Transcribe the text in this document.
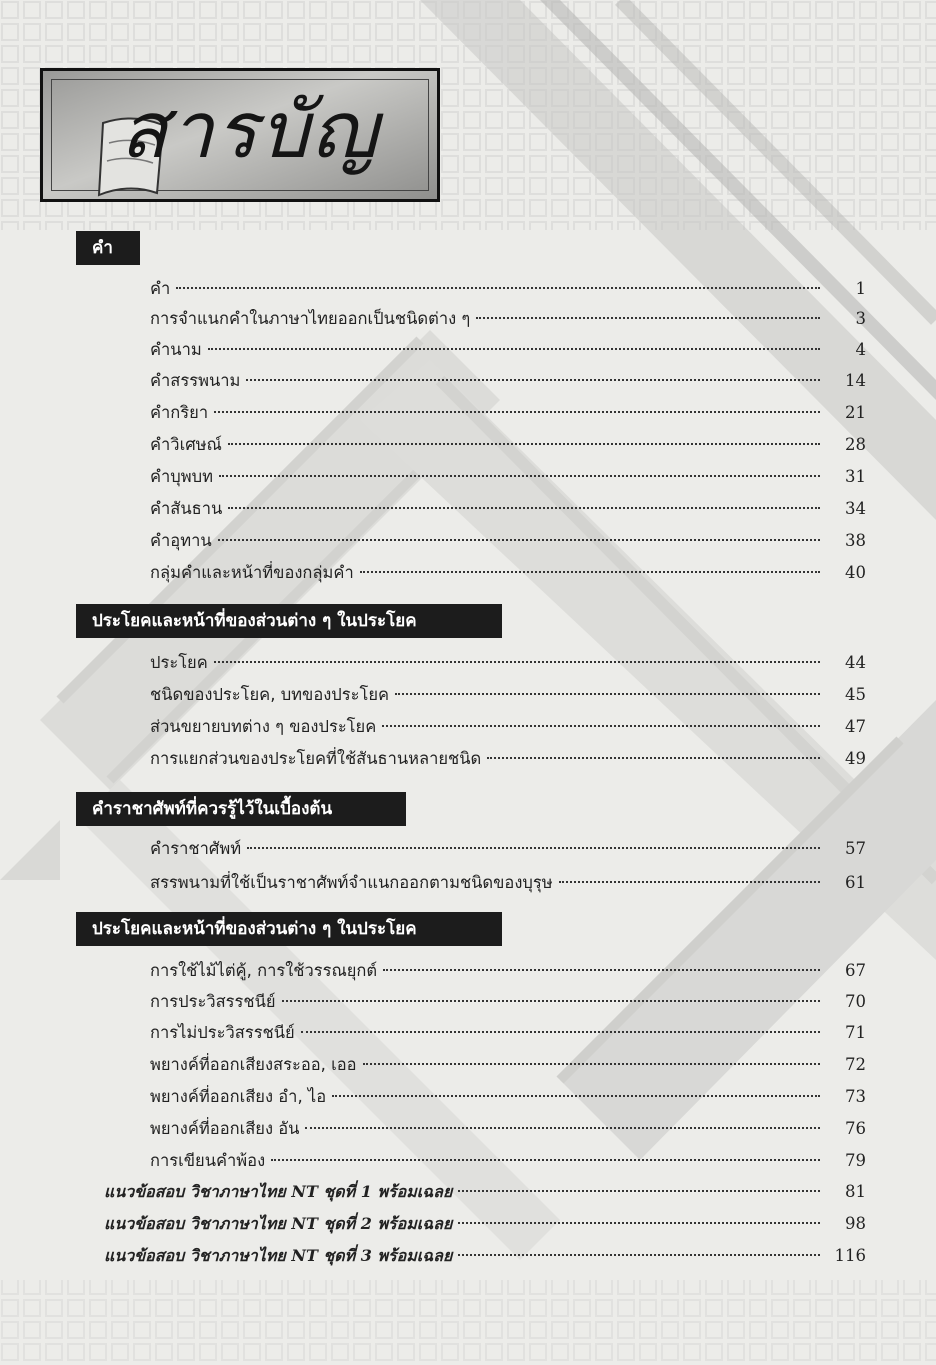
สารบัญ
คำ
คำ	1
การจำแนกคำในภาษาไทยออกเป็นชนิดต่าง ๆ	3
คำนาม	4
คำสรรพนาม	14
คำกริยา	21
คำวิเศษณ์	28
คำบุพบท	31
คำสันธาน	34
คำอุทาน	38
กลุ่มคำและหน้าที่ของกลุ่มคำ	40
ประโยคและหน้าที่ของส่วนต่าง ๆ ในประโยค
ประโยค	44
ชนิดของประโยค, บทของประโยค	45
ส่วนขยายบทต่าง ๆ ของประโยค	47
การแยกส่วนของประโยคที่ใช้สันธานหลายชนิด	49
คำราชาศัพท์ที่ควรรู้ไว้ในเบื้องต้น
คำราชาศัพท์	57
สรรพนามที่ใช้เป็นราชาศัพท์จำแนกออกตามชนิดของบุรุษ	61
ประโยคและหน้าที่ของส่วนต่าง ๆ ในประโยค
การใช้ไม้ไต่คู้, การใช้วรรณยุกต์	67
การประวิสรรชนีย์	70
การไม่ประวิสรรชนีย์	71
พยางค์ที่ออกเสียงสระออ, เออ	72
พยางค์ที่ออกเสียง อำ, ไอ	73
พยางค์ที่ออกเสียง อัน	76
การเขียนคำพ้อง	79
แนวข้อสอบ วิชาภาษาไทย NT ชุดที่ 1 พร้อมเฉลย	81
แนวข้อสอบ วิชาภาษาไทย NT ชุดที่ 2 พร้อมเฉลย	98
แนวข้อสอบ วิชาภาษาไทย NT ชุดที่ 3 พร้อมเฉลย	116
